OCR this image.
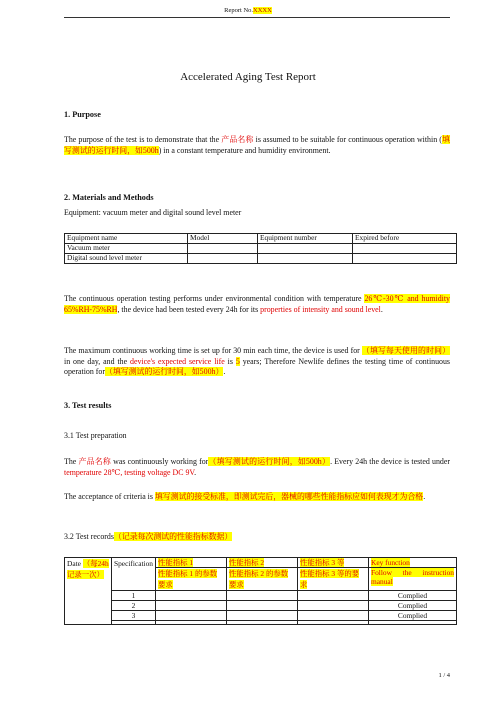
Report No.XXXX
Accelerated Aging Test Report
1. Purpose
The purpose of the test is to demonstrate that the 产品名称 is assumed to be suitable for continuous operation within (填写测试的运行时间，如500h) in a constant temperature and humidity environment.
2. Materials and Methods
Equipment: vacuum meter and digital sound level meter
Equipment name	Model	Equipment number	Expired before
Vacuum meter			
Digital sound level meter			
The continuous operation testing performs under environmental condition with temperature 26℃-30℃ and humidity 65%RH-75%RH, the device had been tested every 24h for its properties of intensity and sound level.
The maximum continuous working time is set up for 30 min each time, the device is used for （填写每天使用的时间） in one day, and the device's expected service life is 5 years; Therefore Newlife defines the testing time of continuous operation for（填写测试的运行时间，如500h）.
3. Test results
3.1 Test preparation
The 产品名称 was continuously working for（填写测试的运行时间，如500h）. Every 24h the device is tested under temperature 28℃, testing voltage DC 9V.
The acceptance of criteria is 填写测试的接受标准，即测试完后，器械的哪些性能指标应如何表现才为合格.
3.2 Test records（记录每次测试的性能指标数据）
Date （每24h 记录一次）	Specification	性能指标 1	性能指标 2	性能指标 3 等	Key function
		性能指标 1 的参数要求	性能指标 2 的参数要求	性能指标 3 等的要求	Follow the instruction manual
	1				Complied
	2				Complied
	3				Complied

1 / 4
